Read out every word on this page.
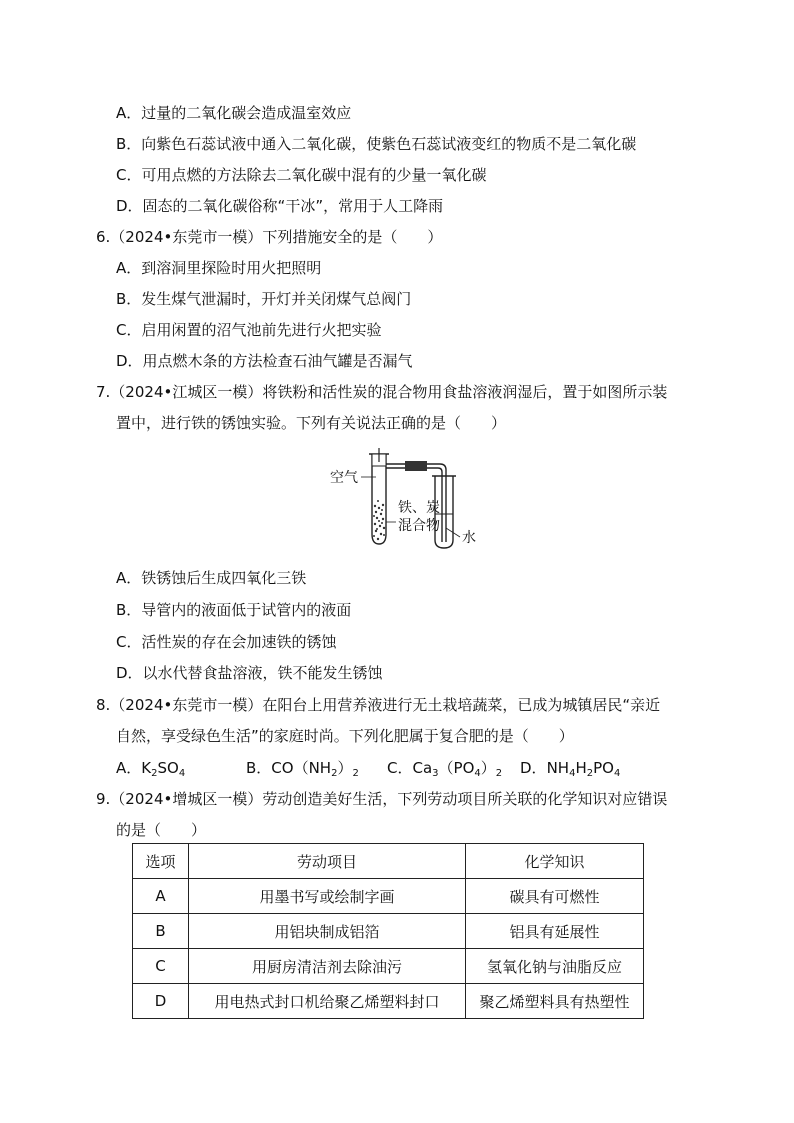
A．过量的二氧化碳会造成温室效应
B．向紫色石蕊试液中通入二氧化碳，使紫色石蕊试液变红的物质不是二氧化碳
C．可用点燃的方法除去二氧化碳中混有的少量一氧化碳
D．固态的二氧化碳俗称“干冰”，常用于人工降雨
6.（2024•东莞市一模）下列措施安全的是（　　）
A．到溶洞里探险时用火把照明
B．发生煤气泄漏时，开灯并关闭煤气总阀门
C．启用闲置的沼气池前先进行火把实验
D．用点燃木条的方法检查石油气罐是否漏气
7.（2024•江城区一模）将铁粉和活性炭的混合物用食盐溶液润湿后，置于如图所示装
置中，进行铁的锈蚀实验。下列有关说法正确的是（　　）
空气
铁、炭
混合物
水
A．铁锈蚀后生成四氧化三铁
B．导管内的液面低于试管内的液面
C．活性炭的存在会加速铁的锈蚀
D．以水代替食盐溶液，铁不能发生锈蚀
8.（2024•东莞市一模）在阳台上用营养液进行无土栽培蔬菜，已成为城镇居民“亲近
自然，享受绿色生活”的家庭时尚。下列化肥属于复合肥的是（　　）
A．$K_2SO_4$	B．$CO(NH_2)_2$ C．$Ca_3(PO_4)_2$ D．$NH_4H_2PO_4$
9.（2024•增城区一模）劳动创造美好生活，下列劳动项目所关联的化学知识对应错误
的是（　　）
选项	劳动项目	化学知识
A	用墨书写或绘制字画	碳具有可燃性
B	用铝块制成铝箔	铝具有延展性
C	用厨房清洁剂去除油污	氢氧化钠与油脂反应
D	用电热式封口机给聚乙烯塑料封口	聚乙烯塑料具有热塑性
